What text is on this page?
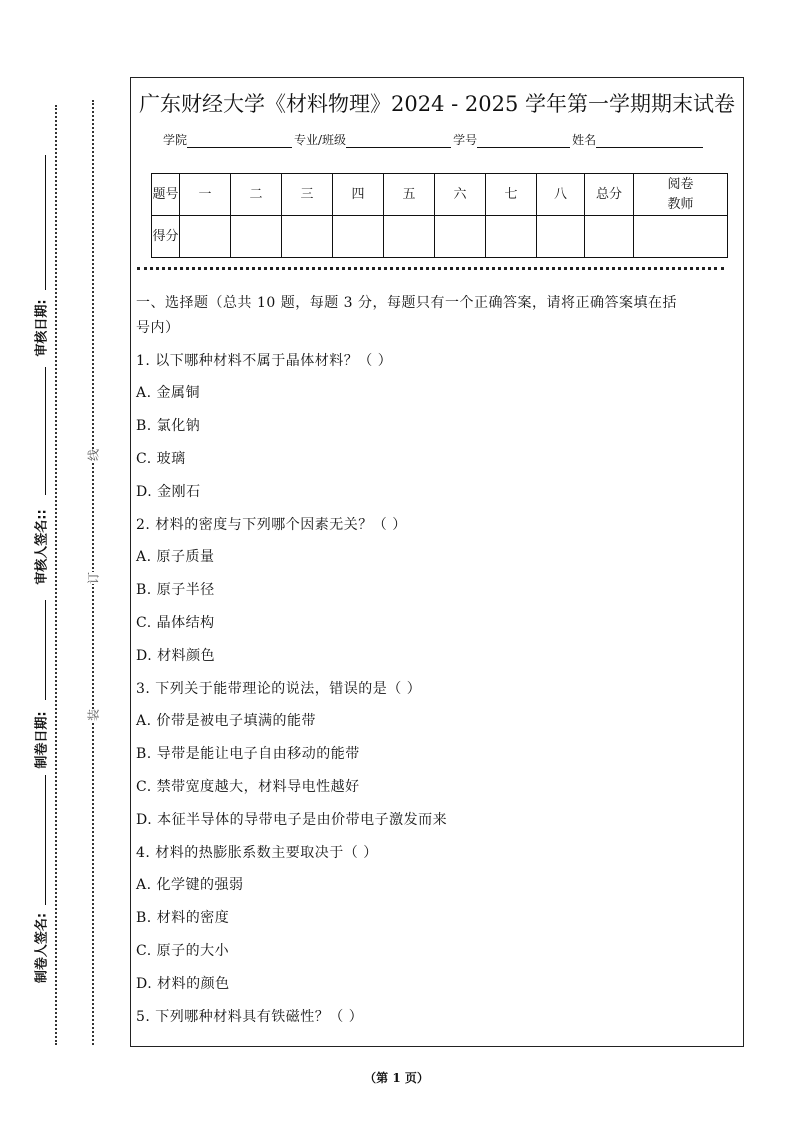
审核日期:
审核人签名::
制卷日期:
制卷人签名:
线
订
装
广东财经大学《材料物理》2024 - 2025 学年第一学期期末试卷
学院	专业/班级	学号	姓名
题号	一	二	三	四	五	六	七	八	总分	阅卷教师
得分										
一、选择题（总共 10 题，每题 3 分，每题只有一个正确答案，请将正确答案填在括
号内）
1. 以下哪种材料不属于晶体材料？（ ）
A. 金属铜
B. 氯化钠
C. 玻璃
D. 金刚石
2. 材料的密度与下列哪个因素无关？（ ）
A. 原子质量
B. 原子半径
C. 晶体结构
D. 材料颜色
3. 下列关于能带理论的说法，错误的是（ ）
A. 价带是被电子填满的能带
B. 导带是能让电子自由移动的能带
C. 禁带宽度越大，材料导电性越好
D. 本征半导体的导带电子是由价带电子激发而来
4. 材料的热膨胀系数主要取决于（ ）
A. 化学键的强弱
B. 材料的密度
C. 原子的大小
D. 材料的颜色
5. 下列哪种材料具有铁磁性？（ ）
（第 1 页）
